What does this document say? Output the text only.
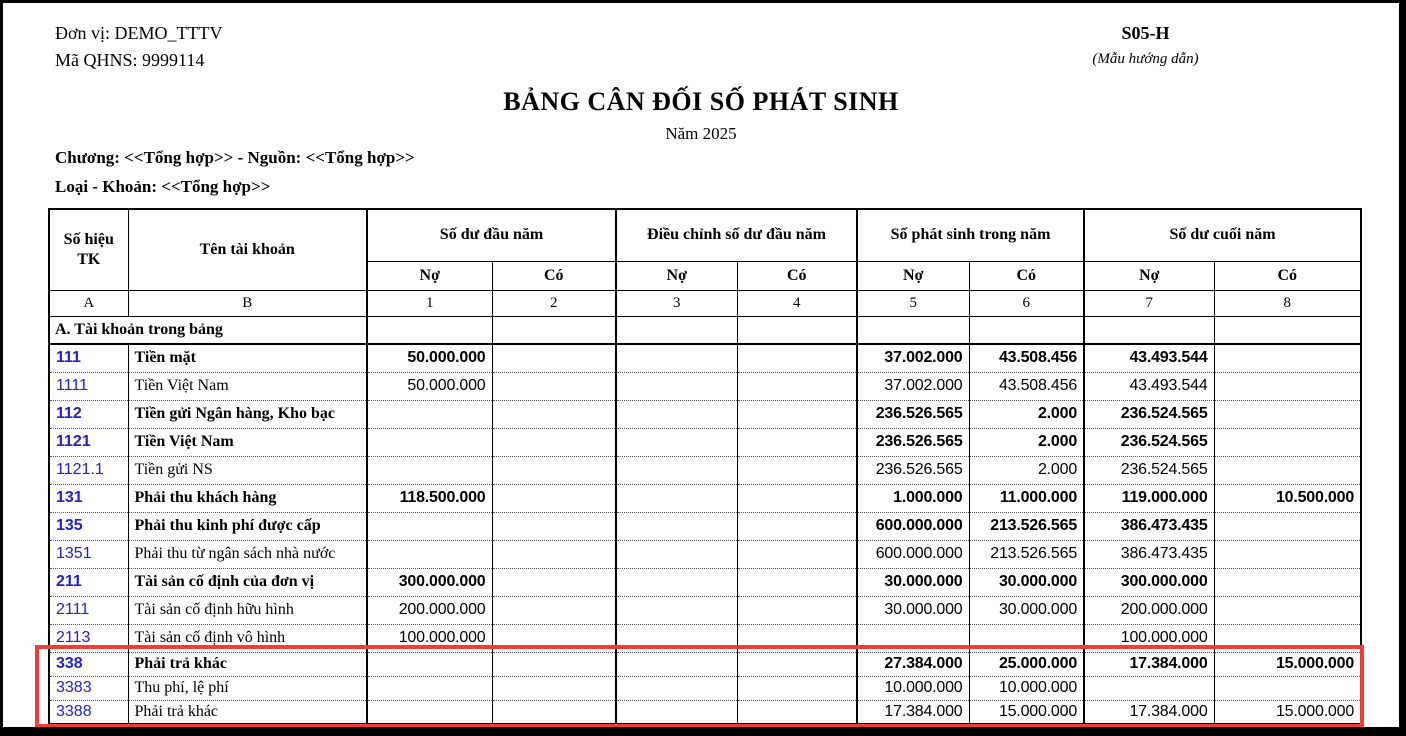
Đơn vị: DEMO_TTTV
Mã QHNS: 9999114
S05-H
(Mẫu hướng dẫn)
BẢNG CÂN ĐỐI SỐ PHÁT SINH
Năm 2025
Chương: <<Tổng hợp>> - Nguồn: <<Tổng hợp>>
Loại - Khoản: <<Tổng hợp>>
Số hiệu TK	Tên tài khoản	Số dư đầu năm		Điều chỉnh số dư đầu năm		Số phát sinh trong năm		Số dư cuối năm	
		Nợ	Có	Nợ	Có	Nợ	Có	Nợ	Có
A	B	1	2	3	4	5	6	7	8
A. Tài khoản trong bảng									
111	Tiền mặt	50.000.000				37.002.000	43.508.456	43.493.544	
1111	Tiền Việt Nam	50.000.000				37.002.000	43.508.456	43.493.544	
112	Tiền gửi Ngân hàng, Kho bạc					236.526.565	2.000	236.524.565	
1121	Tiền Việt Nam					236.526.565	2.000	236.524.565	
1121.1	Tiền gửi NS					236.526.565	2.000	236.524.565	
131	Phải thu khách hàng	118.500.000				1.000.000	11.000.000	119.000.000	10.500.000
135	Phải thu kinh phí được cấp					600.000.000	213.526.565	386.473.435	
1351	Phải thu từ ngân sách nhà nước					600.000.000	213.526.565	386.473.435	
211	Tài sản cố định của đơn vị	300.000.000				30.000.000	30.000.000	300.000.000	
2111	Tài sản cố định hữu hình	200.000.000				30.000.000	30.000.000	200.000.000	
2113	Tài sản cố định vô hình	100.000.000						100.000.000	
338	Phải trả khác					27.384.000	25.000.000	17.384.000	15.000.000
3383	Thu phí, lệ phí					10.000.000	10.000.000		
3388	Phải trả khác					17.384.000	15.000.000	17.384.000	15.000.000
